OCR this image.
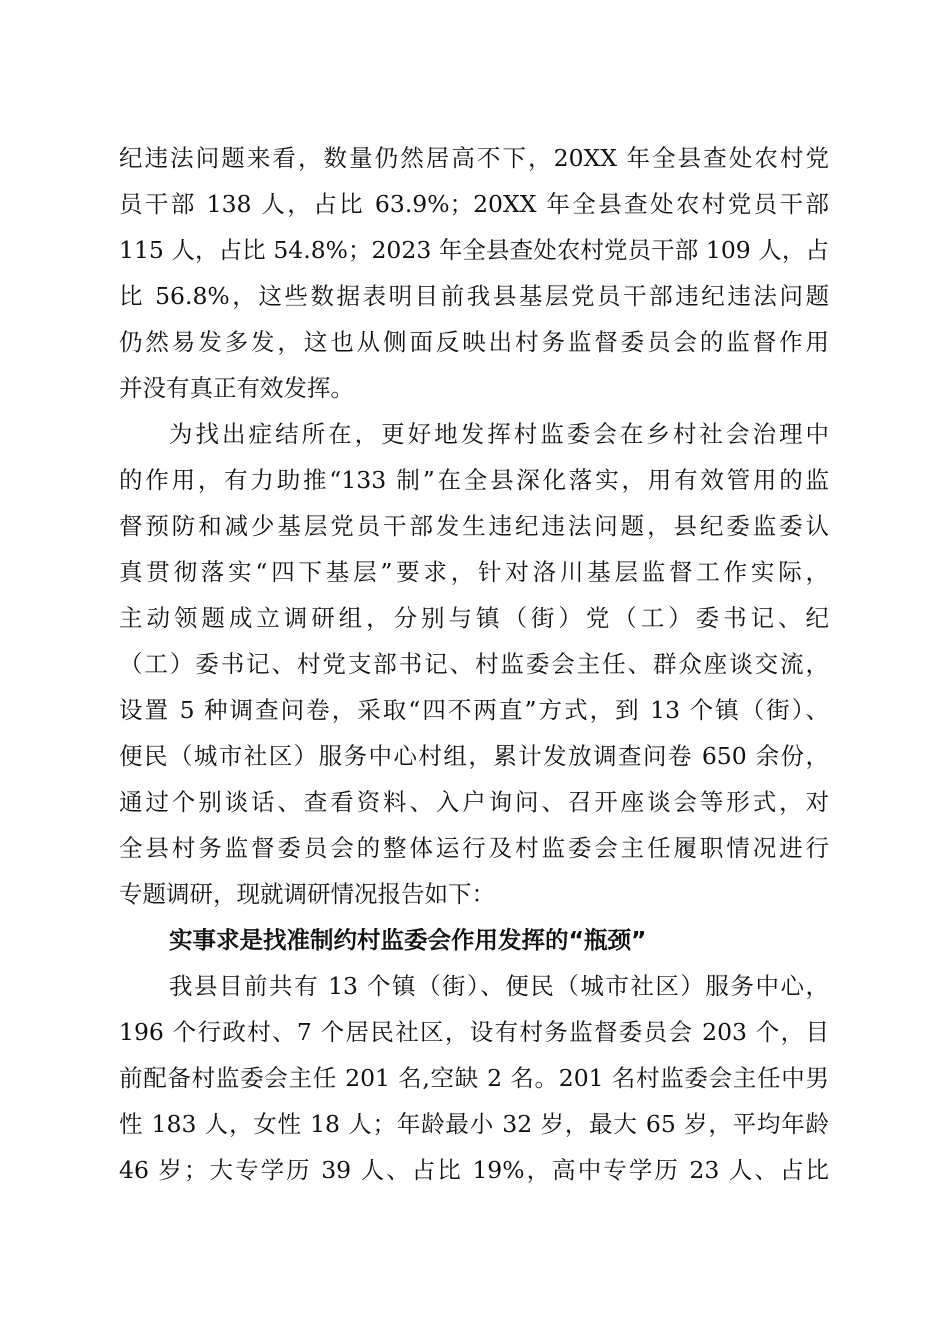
纪违法问题来看，数量仍然居高不下，20XX 年全县查处农村党
员干部 138 人，占比 63.9%；20XX 年全县查处农村党员干部
115 人，占比 54.8%；2023 年全县查处农村党员干部 109 人，占
比 56.8%，这些数据表明目前我县基层党员干部违纪违法问题
仍然易发多发，这也从侧面反映出村务监督委员会的监督作用
并没有真正有效发挥。
为找出症结所在，更好地发挥村监委会在乡村社会治理中
的作用，有力助推“133 制”在全县深化落实，用有效管用的监
督预防和减少基层党员干部发生违纪违法问题，县纪委监委认
真贯彻落实“四下基层”要求，针对洛川基层监督工作实际，
主动领题成立调研组，分别与镇（街）党（工）委书记、纪
（工）委书记、村党支部书记、村监委会主任、群众座谈交流，
设置 5 种调查问卷，采取“四不两直”方式，到 13 个镇（街）、
便民（城市社区）服务中心村组，累计发放调查问卷 650 余份，
通过个别谈话、查看资料、入户询问、召开座谈会等形式，对
全县村务监督委员会的整体运行及村监委会主任履职情况进行
专题调研，现就调研情况报告如下：
实事求是找准制约村监委会作用发挥的“瓶颈”
我县目前共有 13 个镇（街）、便民（城市社区）服务中心，
196 个行政村、7 个居民社区，设有村务监督委员会 203 个，目
前配备村监委会主任 201 名,空缺 2 名。201 名村监委会主任中男
性 183 人，女性 18 人；年龄最小 32 岁，最大 65 岁，平均年龄
46 岁；大专学历 39 人、占比 19%，高中专学历 23 人、占比
